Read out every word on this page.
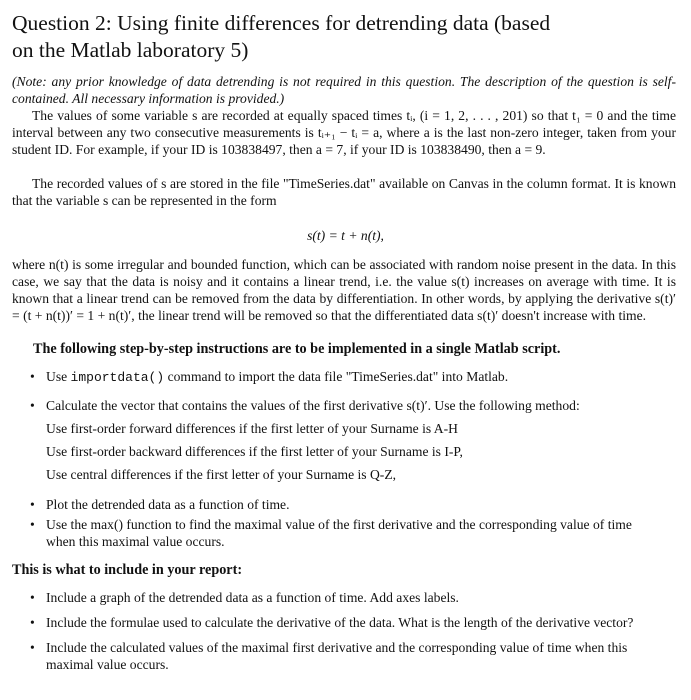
Question 2: Using finite differences for detrending data (based
on the Matlab laboratory 5)
(Note: any prior knowledge of data detrending is not required in this question. The description of the question is self-contained. All necessary information is provided.)
The values of some variable s are recorded at equally spaced times tᵢ, (i = 1, 2, . . . , 201) so that t₁ = 0 and the time interval between any two consecutive measurements is tᵢ₊₁ − tᵢ = a, where a is the last non-zero integer, taken from your student ID. For example, if your ID is 103838497, then a = 7, if your ID is 103838490, then a = 9.
The recorded values of s are stored in the file "TimeSeries.dat" available on Canvas in the column format. It is known that the variable s can be represented in the form
s(t) = t + n(t),
where n(t) is some irregular and bounded function, which can be associated with random noise present in the data. In this case, we say that the data is noisy and it contains a linear trend, i.e. the value s(t) increases on average with time. It is known that a linear trend can be removed from the data by differentiation. In other words, by applying the derivative s(t)′ = (t + n(t))′ = 1 + n(t)′, the linear trend will be removed so that the differentiated data s(t)′ doesn't increase with time.
The following step-by-step instructions are to be implemented in a single Matlab script.
• Use importdata() command to import the data file "TimeSeries.dat" into Matlab.
• Calculate the vector that contains the values of the first derivative s(t)′. Use the following method:
Use first-order forward differences if the first letter of your Surname is A-H
Use first-order backward differences if the first letter of your Surname is I-P,
Use central differences if the first letter of your Surname is Q-Z,
• Plot the detrended data as a function of time.
• Use the max() function to find the maximal value of the first derivative and the corresponding value of time when this maximal value occurs.
This is what to include in your report:
• Include a graph of the detrended data as a function of time. Add axes labels.
• Include the formulae used to calculate the derivative of the data. What is the length of the derivative vector?
• Include the calculated values of the maximal first derivative and the corresponding value of time when this maximal value occurs.
